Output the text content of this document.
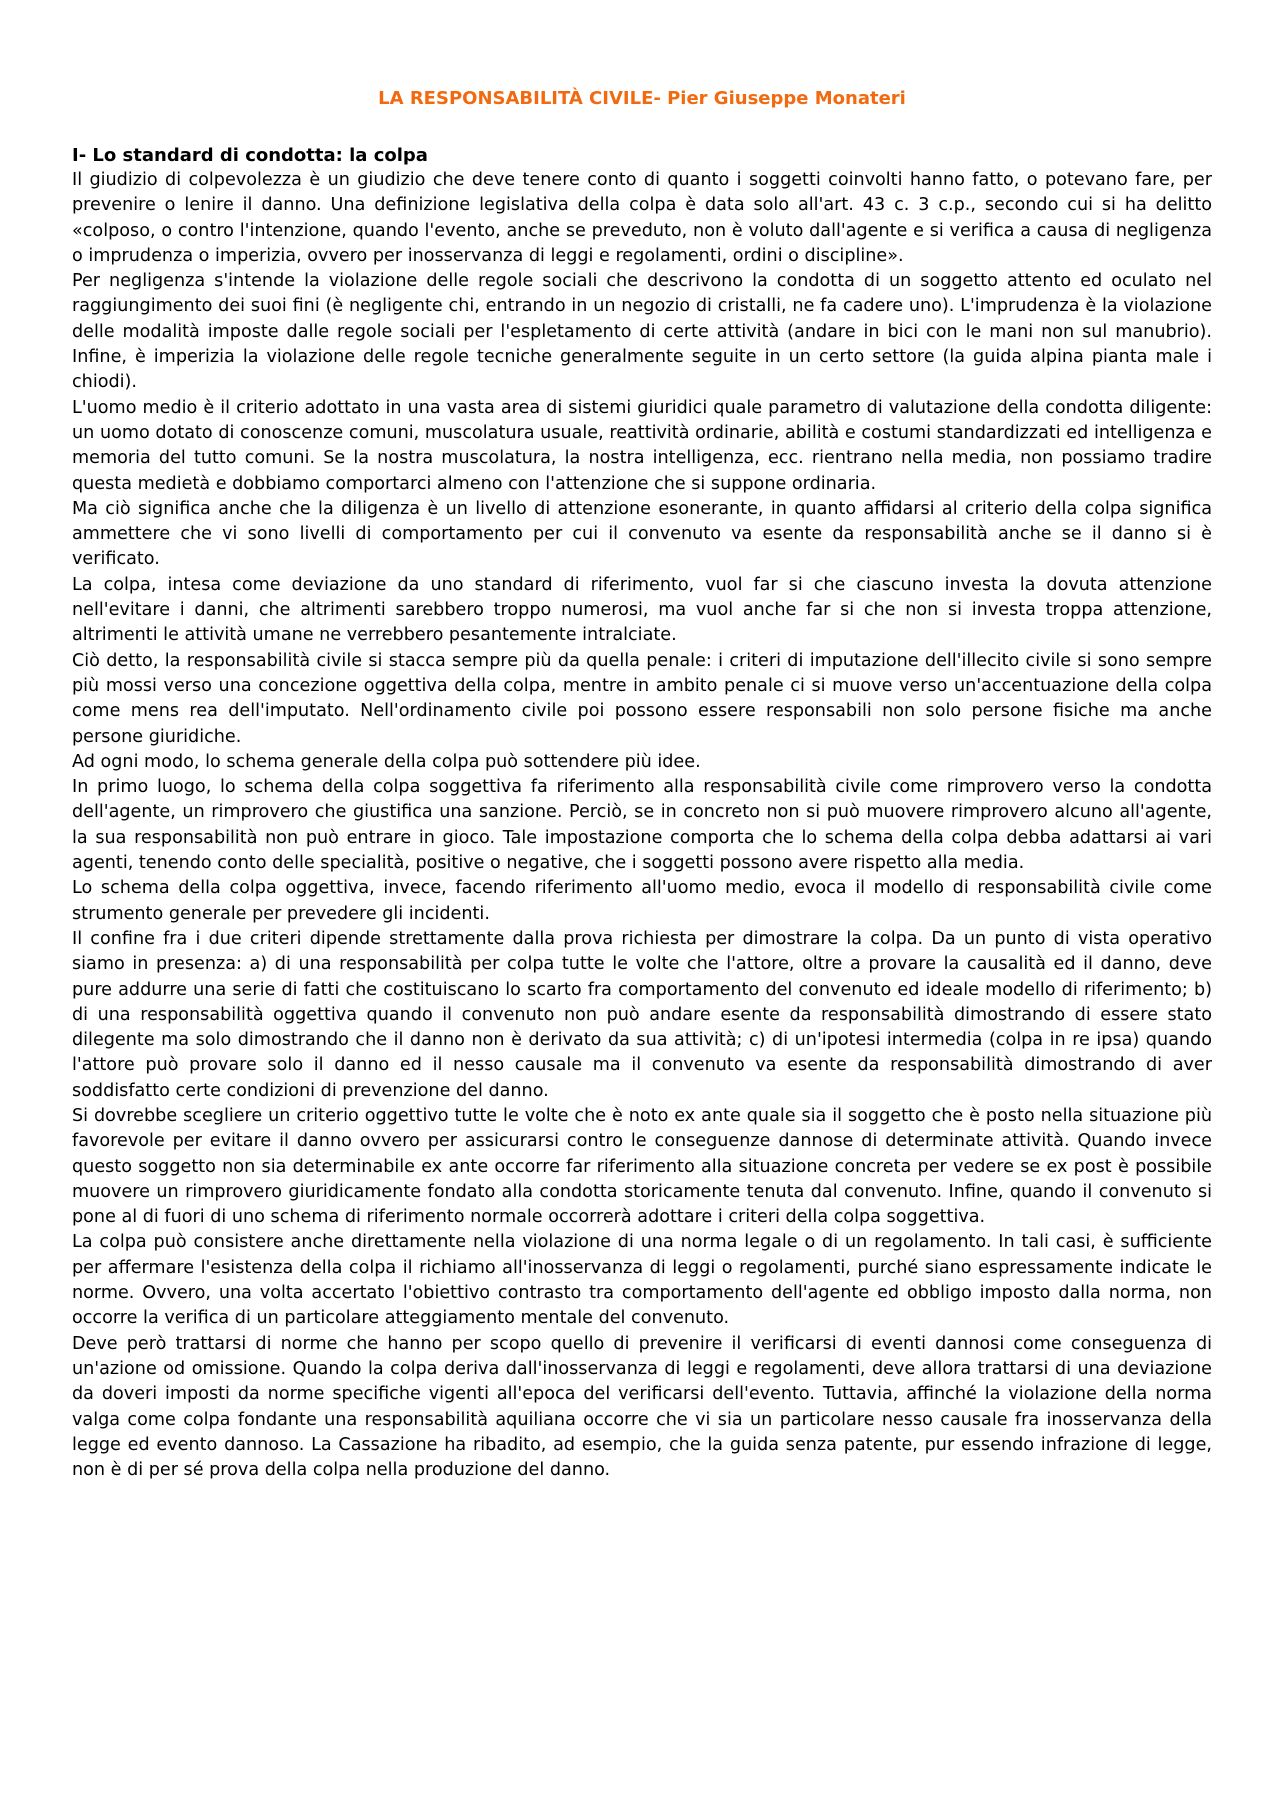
LA RESPONSABILITÀ CIVILE- Pier Giuseppe Monateri
I- Lo standard di condotta: la colpa

Il giudizio di colpevolezza è un giudizio che deve tenere conto di quanto i soggetti coinvolti hanno fatto, o potevano fare, per prevenire o lenire il danno. Una definizione legislativa della colpa è data solo all'art. 43 c. 3 c.p., secondo cui si ha delitto «colposo, o contro l'intenzione, quando l'evento, anche se preveduto, non è voluto dall'agente e si verifica a causa di negligenza o imprudenza o imperizia, ovvero per inosservanza di leggi e regolamenti, ordini o discipline».

Per negligenza s'intende la violazione delle regole sociali che descrivono la condotta di un soggetto attento ed oculato nel raggiungimento dei suoi fini (è negligente chi, entrando in un negozio di cristalli, ne fa cadere uno). L'imprudenza è la violazione delle modalità imposte dalle regole sociali per l'espletamento di certe attività (andare in bici con le mani non sul manubrio). Infine, è imperizia la violazione delle regole tecniche generalmente seguite in un certo settore (la guida alpina pianta male i chiodi).

L'uomo medio è il criterio adottato in una vasta area di sistemi giuridici quale parametro di valutazione della condotta diligente: un uomo dotato di conoscenze comuni, muscolatura usuale, reattività ordinarie, abilità e costumi standardizzati ed intelligenza e memoria del tutto comuni. Se la nostra muscolatura, la nostra intelligenza, ecc. rientrano nella media, non possiamo tradire questa medietà e dobbiamo comportarci almeno con l'attenzione che si suppone ordinaria.

Ma ciò significa anche che la diligenza è un livello di attenzione esonerante, in quanto affidarsi al criterio della colpa significa ammettere che vi sono livelli di comportamento per cui il convenuto va esente da responsabilità anche se il danno si è verificato.

La colpa, intesa come deviazione da uno standard di riferimento, vuol far si che ciascuno investa la dovuta attenzione nell'evitare i danni, che altrimenti sarebbero troppo numerosi, ma vuol anche far si che non si investa troppa attenzione, altrimenti le attività umane ne verrebbero pesantemente intralciate.

Ciò detto, la responsabilità civile si stacca sempre più da quella penale: i criteri di imputazione dell'illecito civile si sono sempre più mossi verso una concezione oggettiva della colpa, mentre in ambito penale ci si muove verso un'accentuazione della colpa come mens rea dell'imputato. Nell'ordinamento civile poi possono essere responsabili non solo persone fisiche ma anche persone giuridiche.

Ad ogni modo, lo schema generale della colpa può sottendere più idee.

In primo luogo, lo schema della colpa soggettiva fa riferimento alla responsabilità civile come rimprovero verso la condotta dell'agente, un rimprovero che giustifica una sanzione. Perciò, se in concreto non si può muovere rimprovero alcuno all'agente, la sua responsabilità non può entrare in gioco. Tale impostazione comporta che lo schema della colpa debba adattarsi ai vari agenti, tenendo conto delle specialità, positive o negative, che i soggetti possono avere rispetto alla media.

Lo schema della colpa oggettiva, invece, facendo riferimento all'uomo medio, evoca il modello di responsabilità civile come strumento generale per prevedere gli incidenti.

Il confine fra i due criteri dipende strettamente dalla prova richiesta per dimostrare la colpa. Da un punto di vista operativo siamo in presenza: a) di una responsabilità per colpa tutte le volte che l'attore, oltre a provare la causalità ed il danno, deve pure addurre una serie di fatti che costituiscano lo scarto fra comportamento del convenuto ed ideale modello di riferimento; b) di una responsabilità oggettiva quando il convenuto non può andare esente da responsabilità dimostrando di essere stato dilegente ma solo dimostrando che il danno non è derivato da sua attività; c) di un'ipotesi intermedia (colpa in re ipsa) quando l'attore può provare solo il danno ed il nesso causale ma il convenuto va esente da responsabilità dimostrando di aver soddisfatto certe condizioni di prevenzione del danno.

Si dovrebbe scegliere un criterio oggettivo tutte le volte che è noto ex ante quale sia il soggetto che è posto nella situazione più favorevole per evitare il danno ovvero per assicurarsi contro le conseguenze dannose di determinate attività. Quando invece questo soggetto non sia determinabile ex ante occorre far riferimento alla situazione concreta per vedere se ex post è possibile muovere un rimprovero giuridicamente fondato alla condotta storicamente tenuta dal convenuto. Infine, quando il convenuto si pone al di fuori di uno schema di riferimento normale occorrerà adottare i criteri della colpa soggettiva.

La colpa può consistere anche direttamente nella violazione di una norma legale o di un regolamento. In tali casi, è sufficiente per affermare l'esistenza della colpa il richiamo all'inosservanza di leggi o regolamenti, purché siano espressamente indicate le norme. Ovvero, una volta accertato l'obiettivo contrasto tra comportamento dell'agente ed obbligo imposto dalla norma, non occorre la verifica di un particolare atteggiamento mentale del convenuto.

Deve però trattarsi di norme che hanno per scopo quello di prevenire il verificarsi di eventi dannosi come conseguenza di un'azione od omissione. Quando la colpa deriva dall'inosservanza di leggi e regolamenti, deve allora trattarsi di una deviazione da doveri imposti da norme specifiche vigenti all'epoca del verificarsi dell'evento. Tuttavia, affinché la violazione della norma valga come colpa fondante una responsabilità aquiliana occorre che vi sia un particolare nesso causale fra inosservanza della legge ed evento dannoso. La Cassazione ha ribadito, ad esempio, che la guida senza patente, pur essendo infrazione di legge, non è di per sé prova della colpa nella produzione del danno.
